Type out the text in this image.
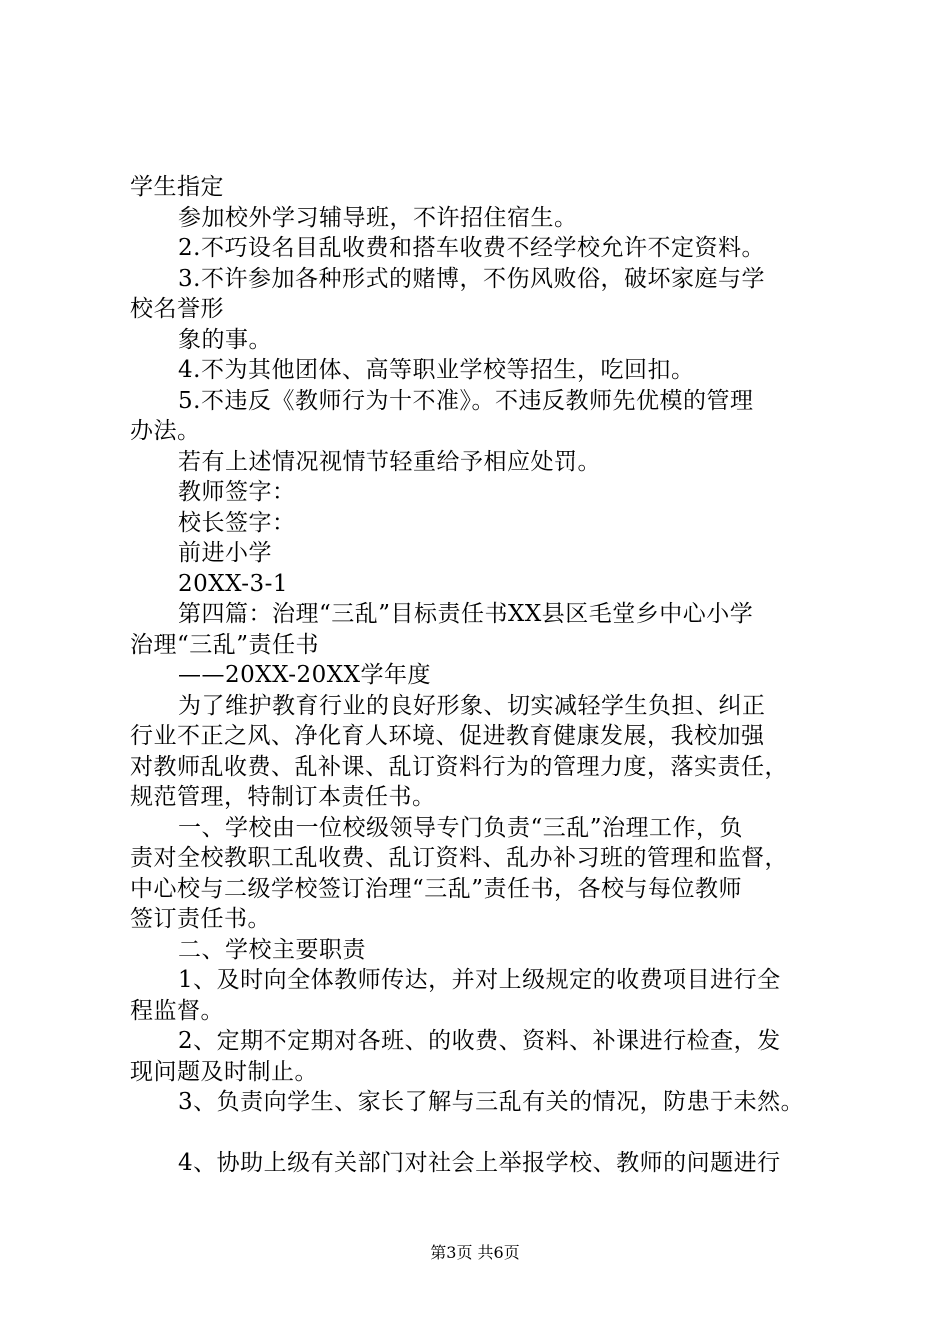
学生指定
参加校外学习辅导班，不许招住宿生。
2.不巧设名目乱收费和搭车收费不经学校允许不定资料。
3.不许参加各种形式的赌博，不伤风败俗，破坏家庭与学
校名誉形
象的事。
4.不为其他团体、高等职业学校等招生，吃回扣。
5.不违反《教师行为十不准》。不违反教师先优模的管理
办法。
若有上述情况视情节轻重给予相应处罚。
教师签字：
校长签字：
前进小学
20XX-3-1
第四篇：治理“三乱”目标责任书XX县区毛堂乡中心小学
治理“三乱”责任书
——20XX-20XX学年度
为了维护教育行业的良好形象、切实减轻学生负担、纠正
行业不正之风、净化育人环境、促进教育健康发展，我校加强
对教师乱收费、乱补课、乱订资料行为的管理力度，落实责任，
规范管理，特制订本责任书。
一、学校由一位校级领导专门负责“三乱”治理工作，负
责对全校教职工乱收费、乱订资料、乱办补习班的管理和监督，
中心校与二级学校签订治理“三乱”责任书，各校与每位教师
签订责任书。
二、学校主要职责
1、及时向全体教师传达，并对上级规定的收费项目进行全
程监督。
2、定期不定期对各班、的收费、资料、补课进行检查，发
现问题及时制止。
3、负责向学生、家长了解与三乱有关的情况，防患于未然。
4、协助上级有关部门对社会上举报学校、教师的问题进行
第3页 共6页
